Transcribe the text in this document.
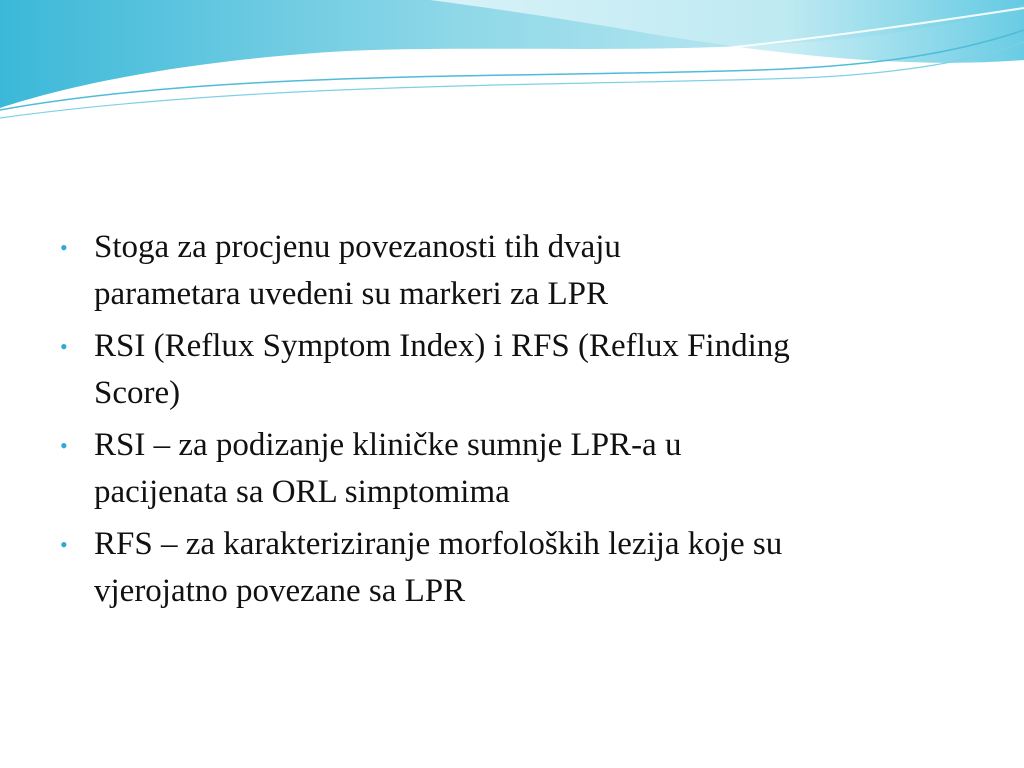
• Stoga za procjenu povezanosti tih dvaju
parametara uvedeni su markeri za LPR
• RSI (Reflux Symptom Index) i RFS (Reflux Finding
Score)
• RSI – za podizanje kliničke sumnje LPR-a u
pacijenata sa ORL simptomima
• RFS – za karakteriziranje morfoloških lezija koje su
vjerojatno povezane sa LPR
